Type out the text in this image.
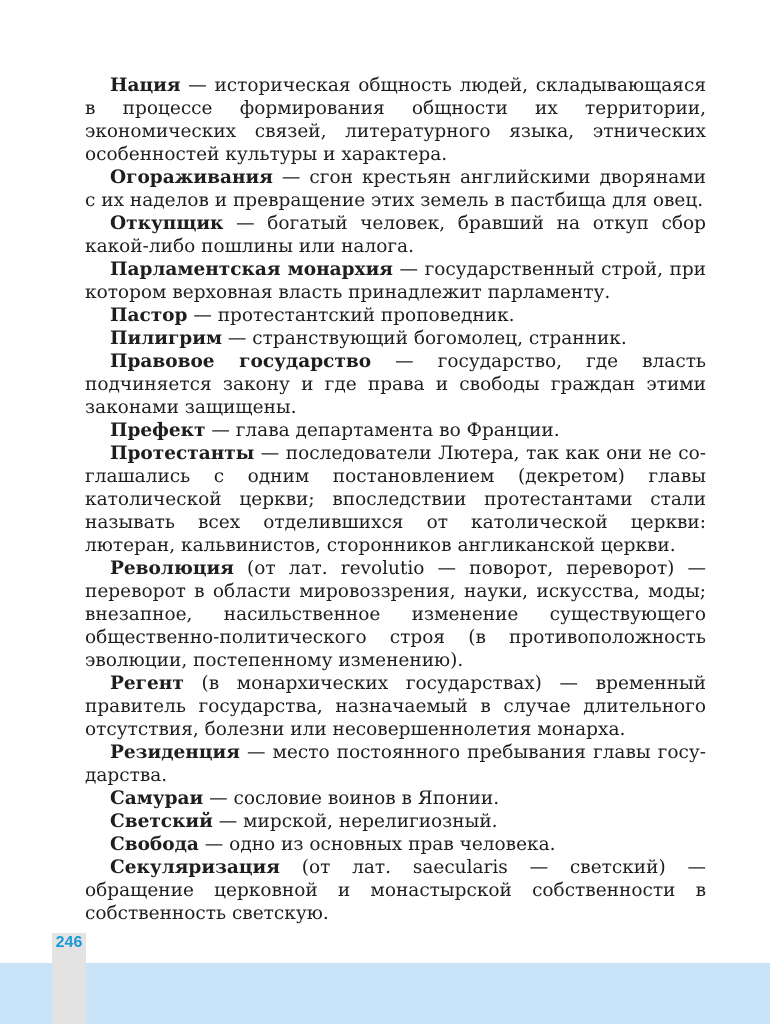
Нация — историческая общность людей, складывающаяся в процессе формирования общности их территории, экономических связей, литературного языка, этнических особенностей культуры и характера.

Огораживания — сгон крестьян английскими дворянами с их наделов и превращение этих земель в пастбища для овец.

Откупщик — богатый человек, бравший на откуп сбор какой-либо пошлины или налога.

Парламентская монархия — государственный строй, при котором верховная власть принадлежит парламенту.

Пастор — протестантский проповедник.

Пилигрим — странствующий богомолец, странник.

Правовое государство — государство, где власть подчиняется закону и где права и свободы граждан этими законами защищены.

Префект — глава департамента во Франции.

Протестанты — последователи Лютера, так как они не соглашались с одним постановлением (декретом) главы католической церкви; впоследствии протестантами стали называть всех отделившихся от католической церкви: лютеран, кальвинистов, сторонников англиканской церкви.

Революция (от лат. revolutio — поворот, переворот) — переворот в области мировоззрения, науки, искусства, моды; внезапное, насильственное изменение существующего общественно-политического строя (в противоположность эволюции, постепенному изменению).

Регент (в монархических государствах) — временный правитель государства, назначаемый в случае длительного отсутствия, болезни или несовершеннолетия монарха.

Резиденция — место постоянного пребывания главы государства.

Самураи — сословие воинов в Японии.

Светский — мирской, нерелигиозный.

Свобода — одно из основных прав человека.

Секуляризация (от лат. saecularis — светский) — обращение церковной и монастырской собственности в собственность светскую.

246
